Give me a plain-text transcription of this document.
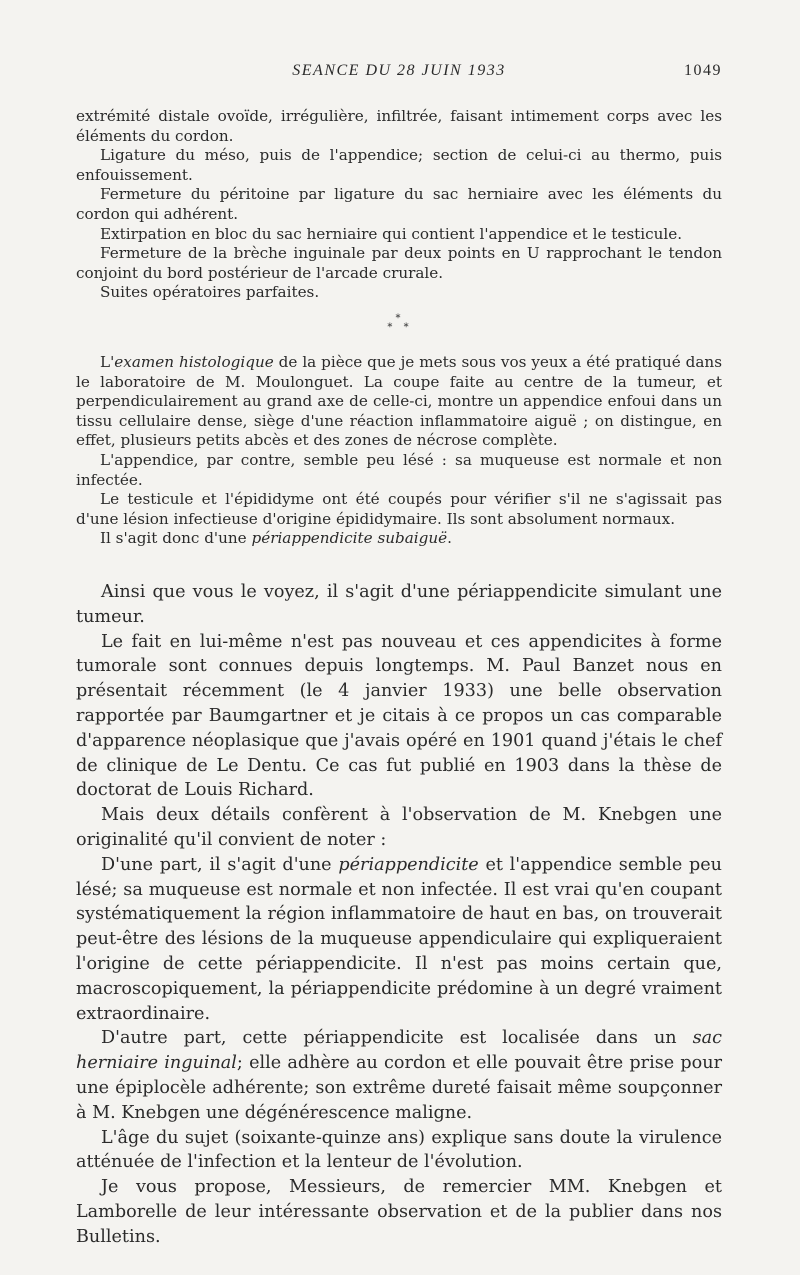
SEANCE DU 28 JUIN 1933	1049

extrémité distale ovoïde, irrégulière, infiltrée, faisant intimement corps avec les éléments du cordon.

Ligature du méso, puis de l'appendice; section de celui-ci au thermo, puis enfouissement.

Fermeture du péritoine par ligature du sac herniaire avec les éléments du cordon qui adhérent.

Extirpation en bloc du sac herniaire qui contient l'appendice et le testicule.

Fermeture de la brèche inguinale par deux points en U rapprochant le tendon conjoint du bord postérieur de l'arcade crurale.

Suites opératoires parfaites.

*
* *

L'examen histologique de la pièce que je mets sous vos yeux a été pratiqué dans le laboratoire de M. Moulonguet. La coupe faite au centre de la tumeur, et perpendiculairement au grand axe de celle-ci, montre un appendice enfoui dans un tissu cellulaire dense, siège d'une réaction inflammatoire aiguë ; on distingue, en effet, plusieurs petits abcès et des zones de nécrose complète.

L'appendice, par contre, semble peu lésé : sa muqueuse est normale et non infectée.

Le testicule et l'épididyme ont été coupés pour vérifier s'il ne s'agissait pas d'une lésion infectieuse d'origine épididymaire. Ils sont absolument normaux.

Il s'agit donc d'une périappendicite subaiguë.

Ainsi que vous le voyez, il s'agit d'une périappendicite simulant une tumeur.

Le fait en lui-même n'est pas nouveau et ces appendicites à forme tumorale sont connues depuis longtemps. M. Paul Banzet nous en présentait récemment (le 4 janvier 1933) une belle observation rapportée par Baumgartner et je citais à ce propos un cas comparable d'apparence néoplasique que j'avais opéré en 1901 quand j'étais le chef de clinique de Le Dentu. Ce cas fut publié en 1903 dans la thèse de doctorat de Louis Richard.

Mais deux détails confèrent à l'observation de M. Knebgen une originalité qu'il convient de noter :

D'une part, il s'agit d'une périappendicite et l'appendice semble peu lésé; sa muqueuse est normale et non infectée. Il est vrai qu'en coupant systématiquement la région inflammatoire de haut en bas, on trouverait peut-être des lésions de la muqueuse appendiculaire qui expliqueraient l'origine de cette périappendicite. Il n'est pas moins certain que, macroscopiquement, la périappendicite prédomine à un degré vraiment extraordinaire.

D'autre part, cette périappendicite est localisée dans un sac herniaire inguinal; elle adhère au cordon et elle pouvait être prise pour une épiplocèle adhérente; son extrême dureté faisait même soupçonner à M. Knebgen une dégénérescence maligne.

L'âge du sujet (soixante-quinze ans) explique sans doute la virulence atténuée de l'infection et la lenteur de l'évolution.

Je vous propose, Messieurs, de remercier MM. Knebgen et Lamborelle de leur intéressante observation et de la publier dans nos Bulletins.
